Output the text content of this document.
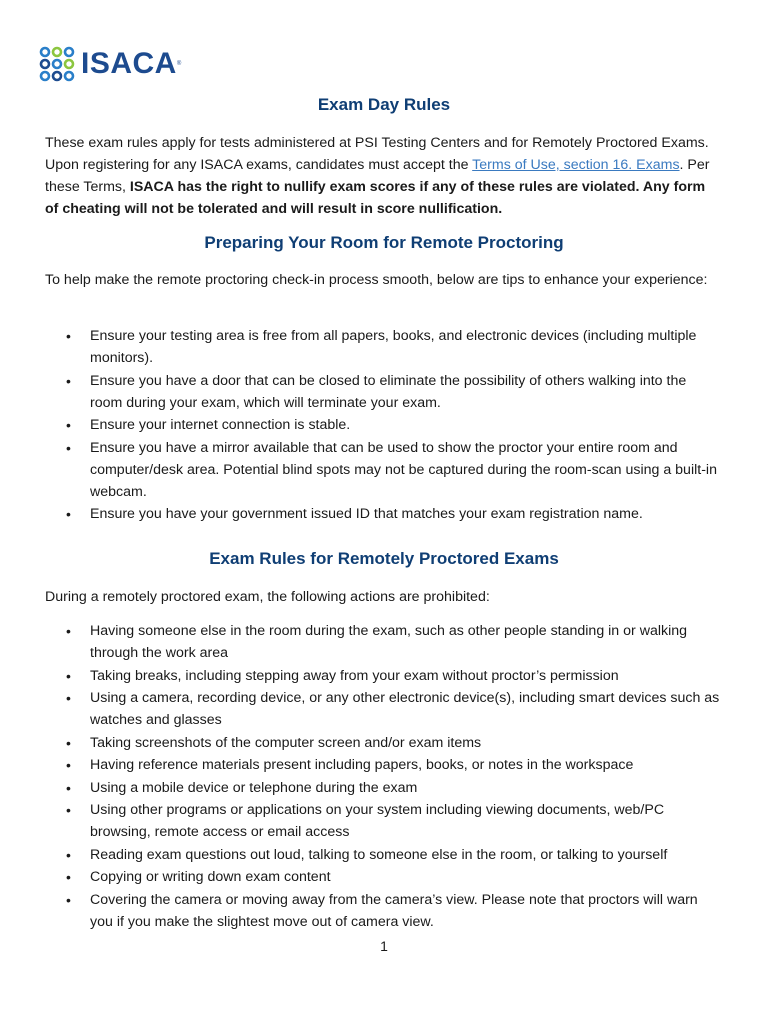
ISACA ®
Exam Day Rules

These exam rules apply for tests administered at PSI Testing Centers and for Remotely Proctored Exams. Upon registering for any ISACA exams, candidates must accept the Terms of Use, section 16. Exams. Per these Terms, ISACA has the right to nullify exam scores if any of these rules are violated. Any form of cheating will not be tolerated and will result in score nullification.

Preparing Your Room for Remote Proctoring

To help make the remote proctoring check-in process smooth, below are tips to enhance your experience:

• Ensure your testing area is free from all papers, books, and electronic devices (including multiple monitors).
• Ensure you have a door that can be closed to eliminate the possibility of others walking into the room during your exam, which will terminate your exam.
• Ensure your internet connection is stable.
• Ensure you have a mirror available that can be used to show the proctor your entire room and computer/desk area. Potential blind spots may not be captured during the room-scan using a built-in webcam.
• Ensure you have your government issued ID that matches your exam registration name.
Exam Rules for Remotely Proctored Exams

During a remotely proctored exam, the following actions are prohibited:

• Having someone else in the room during the exam, such as other people standing in or walking through the work area
• Taking breaks, including stepping away from your exam without proctor’s permission
• Using a camera, recording device, or any other electronic device(s), including smart devices such as watches and glasses
• Taking screenshots of the computer screen and/or exam items
• Having reference materials present including papers, books, or notes in the workspace
• Using a mobile device or telephone during the exam
• Using other programs or applications on your system including viewing documents, web/PC browsing, remote access or email access
• Reading exam questions out loud, talking to someone else in the room, or talking to yourself
• Copying or writing down exam content
• Covering the camera or moving away from the camera’s view. Please note that proctors will warn you if you make the slightest move out of camera view.
1
